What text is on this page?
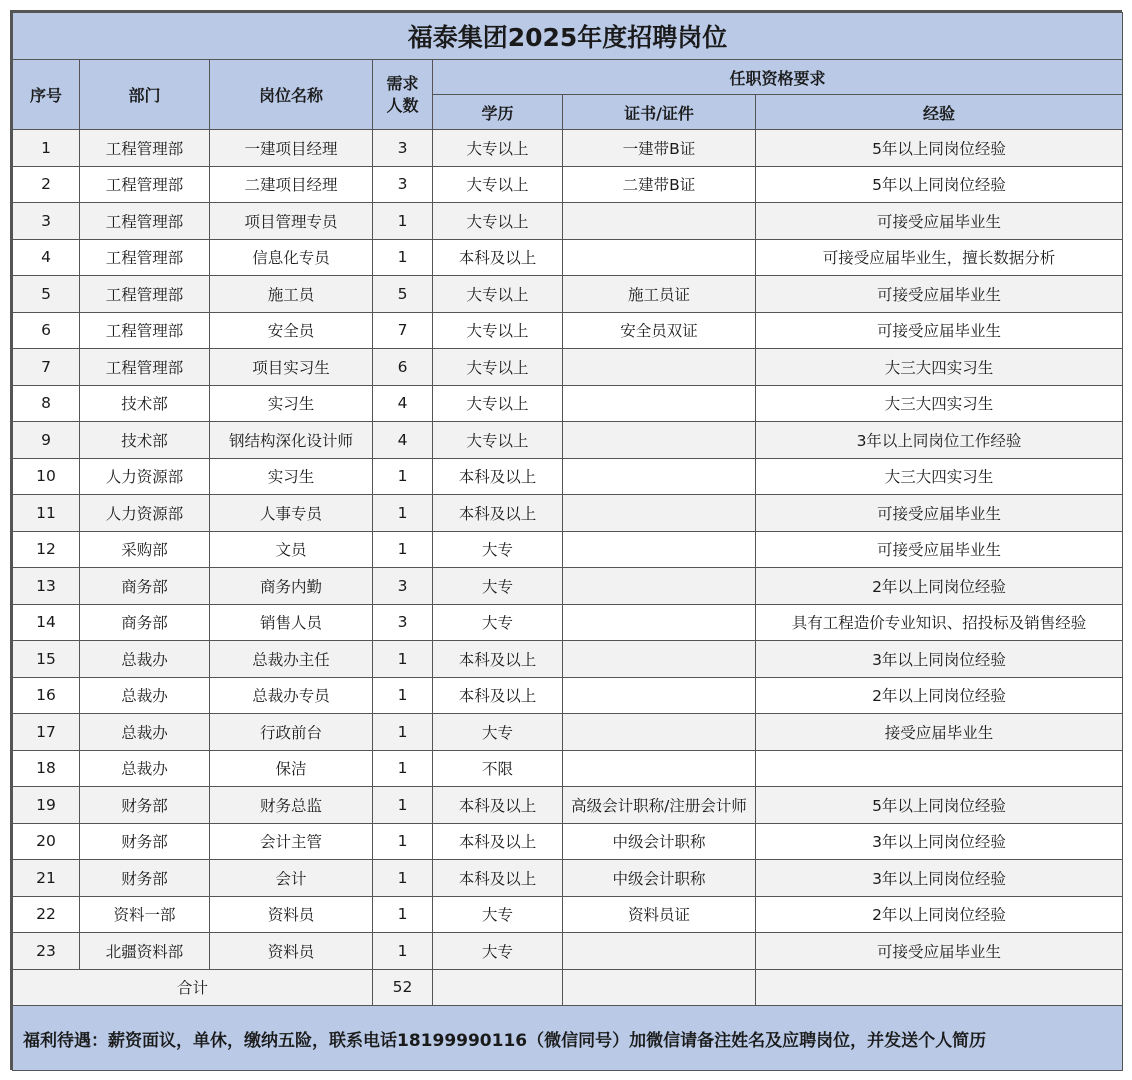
福泰集团2025年度招聘岗位						
序号	部门	岗位名称	需求人数	任职资格要求		
				学历	证书/证件	经验
1	工程管理部	一建项目经理	3	大专以上	一建带B证	5年以上同岗位经验
2	工程管理部	二建项目经理	3	大专以上	二建带B证	5年以上同岗位经验
3	工程管理部	项目管理专员	1	大专以上		可接受应届毕业生
4	工程管理部	信息化专员	1	本科及以上		可接受应届毕业生，擅长数据分析
5	工程管理部	施工员	5	大专以上	施工员证	可接受应届毕业生
6	工程管理部	安全员	7	大专以上	安全员双证	可接受应届毕业生
7	工程管理部	项目实习生	6	大专以上		大三大四实习生
8	技术部	实习生	4	大专以上		大三大四实习生
9	技术部	钢结构深化设计师	4	大专以上		3年以上同岗位工作经验
10	人力资源部	实习生	1	本科及以上		大三大四实习生
11	人力资源部	人事专员	1	本科及以上		可接受应届毕业生
12	采购部	文员	1	大专		可接受应届毕业生
13	商务部	商务内勤	3	大专		2年以上同岗位经验
14	商务部	销售人员	3	大专		具有工程造价专业知识、招投标及销售经验
15	总裁办	总裁办主任	1	本科及以上		3年以上同岗位经验
16	总裁办	总裁办专员	1	本科及以上		2年以上同岗位经验
17	总裁办	行政前台	1	大专		接受应届毕业生
18	总裁办	保洁	1	不限		
19	财务部	财务总监	1	本科及以上	高级会计职称/注册会计师	5年以上同岗位经验
20	财务部	会计主管	1	本科及以上	中级会计职称	3年以上同岗位经验
21	财务部	会计	1	本科及以上	中级会计职称	3年以上同岗位经验
22	资料一部	资料员	1	大专	资料员证	2年以上同岗位经验
23	北疆资料部	资料员	1	大专		可接受应届毕业生
合计			52			
福利待遇：薪资面议，单休，缴纳五险，联系电话18199990116（微信同号）加微信请备注姓名及应聘岗位，并发送个人简历						
